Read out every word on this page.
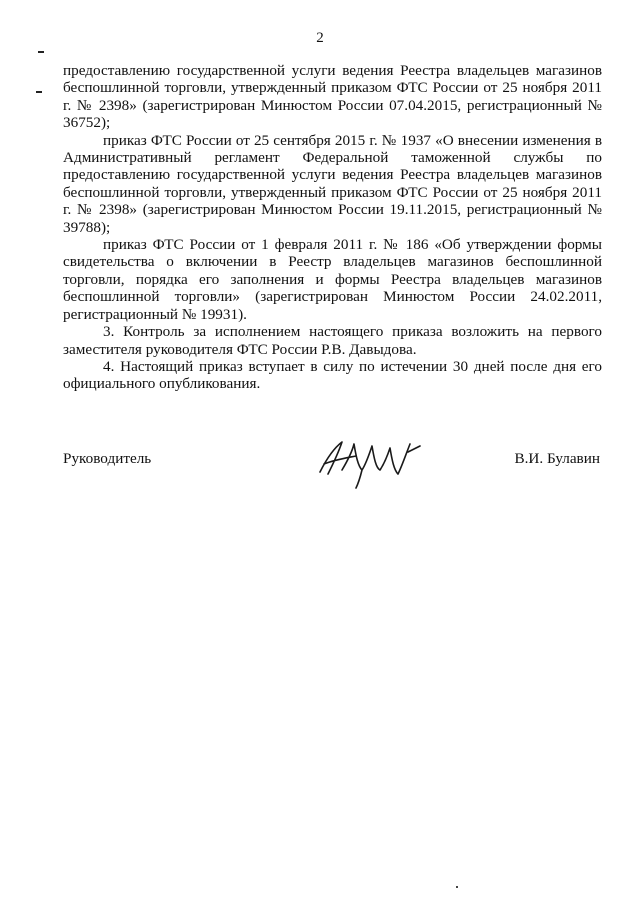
2

предоставлению государственной услуги ведения Реестра владельцев магазинов беспошлинной торговли, утвержденный приказом ФТС России от 25 ноября 2011 г. № 2398» (зарегистрирован Минюстом России 07.04.2015, регистрационный № 36752);

приказ ФТС России от 25 сентября 2015 г. № 1937 «О внесении изменения в Административный регламент Федеральной таможенной службы по предоставлению государственной услуги ведения Реестра владельцев магазинов беспошлинной торговли, утвержденный приказом ФТС России от 25 ноября 2011 г. № 2398» (зарегистрирован Минюстом России 19.11.2015, регистрационный № 39788);

приказ ФТС России от 1 февраля 2011 г. № 186 «Об утверждении формы свидетельства о включении в Реестр владельцев магазинов беспошлинной торговли, порядка его заполнения и формы Реестра владельцев магазинов беспошлинной торговли» (зарегистрирован Минюстом России 24.02.2011, регистрационный № 19931).

3. Контроль за исполнением настоящего приказа возложить на первого заместителя руководителя ФТС России Р.В. Давыдова.

4. Настоящий приказ вступает в силу по истечении 30 дней после дня его официального опубликования.

Руководитель	В.И. Булавин
